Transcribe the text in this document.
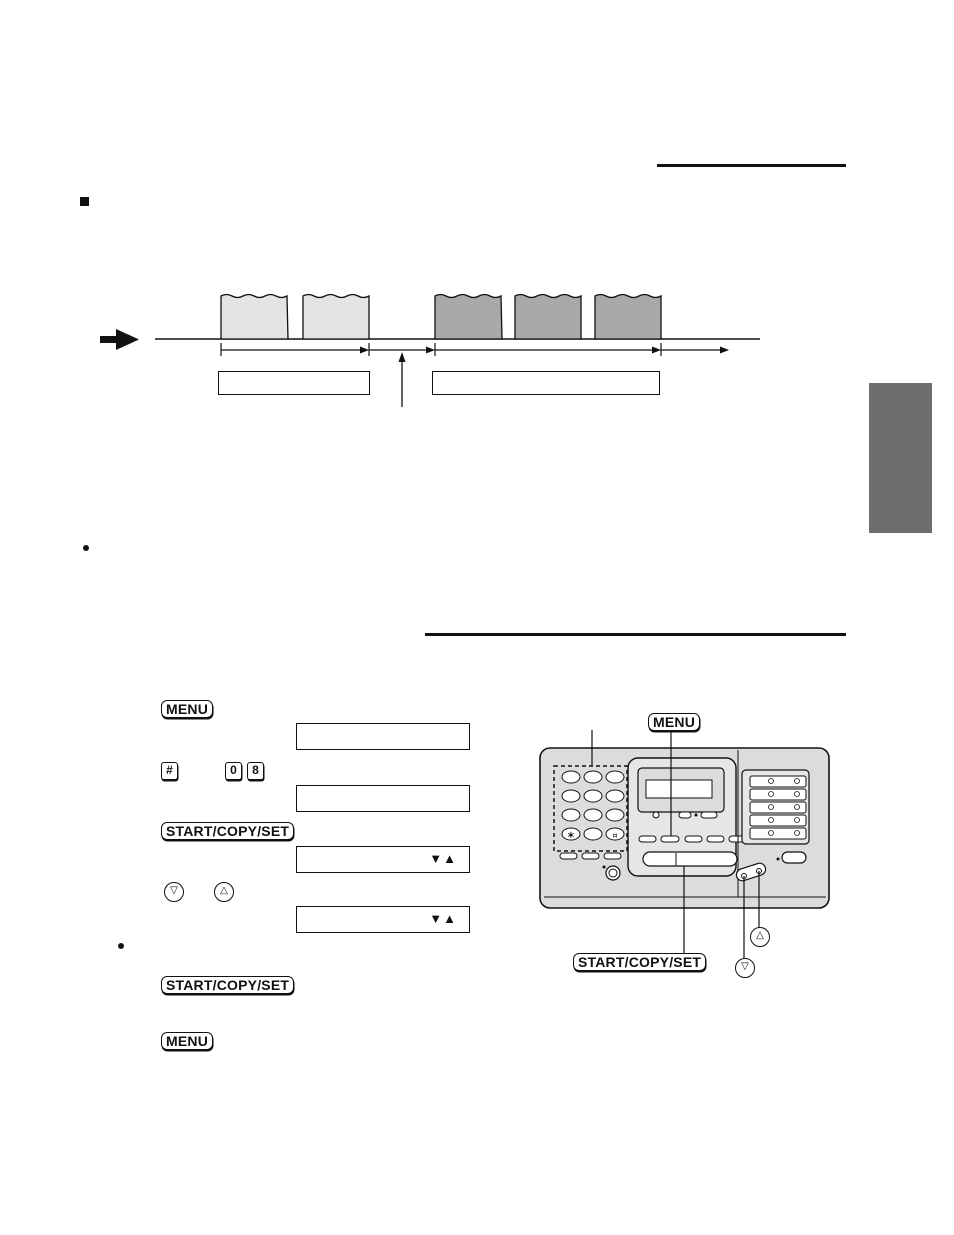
MENU
#	0	8
START/COPY/SET
▼▲
▽	△
▼▲
START/COPY/SET
MENU
∗	¤
MENU
START/COPY/SET
△
▽
